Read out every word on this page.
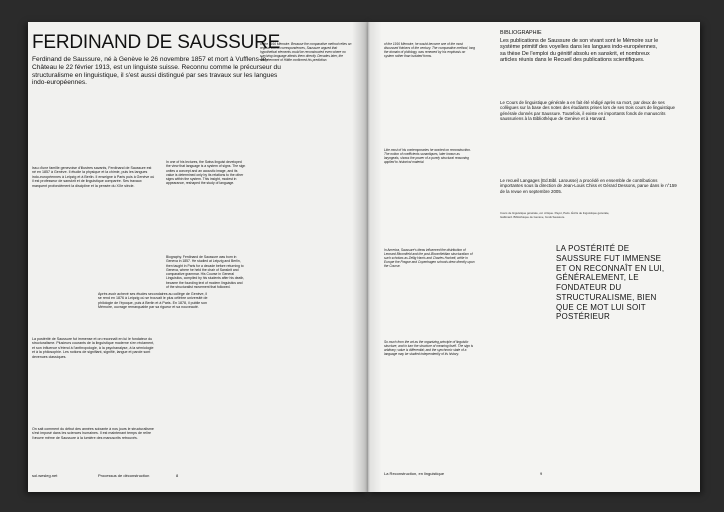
FERDINAND DE SAUSSURE

Ferdinand de Saussure, né à Genève le 26 novembre 1857 et mort à Vufflens-le-Château le 22 février 1913, est un linguiste suisse. Reconnu comme le précurseur du structuralisme en linguistique, il s'est aussi distingué par ses travaux sur les langues indo-européennes.

Issu d'une famille genevoise d'illustres savants, Ferdinand de Saussure est né en 1857 à Genève. Il étudie la physique et la chimie, puis les langues indo-européennes à Leipzig et à Berlin. Il enseigne à Paris puis à Genève où il est professeur de sanskrit et de linguistique comparée. Ses travaux marquent profondément la discipline et la pensée du XXe siècle.
Après avoir achevé ses études secondaires au collège de Genève, il se rend en 1876 à Leipzig où se trouvait le plus célèbre université de philologie de l'époque, puis à Berlin et à Paris. En 1878, il publie son Mémoire, ouvrage remarquable par sa rigueur et sa nouveauté.
La postérité de Saussure fut immense et on reconnaît en lui le fondateur du structuralisme. Plusieurs courants de la linguistique moderne s'en réclament, et son influence s'étend à l'anthropologie, à la psychanalyse, à la sémiologie et à la philosophie. Les notions de signifiant, signifié, langue et parole sont devenues classiques.
On sait comment du début des années soixante à nos jours le structuralisme s'est imposé dans les sciences humaines. Il est maintenant temps de relire l'œuvre même de Saussure à la lumière des manuscrits retrouvés.
In one of his lectures, the Swiss linguist developed the view that language is a system of signs. The sign unites a concept and an acoustic image, and its value is determined only by its relations to the other signs within the system. This insight, modest in appearance, reshaped the study of language.
Biography. Ferdinand de Saussure was born in Geneva in 1857. He studied at Leipzig and Berlin, then taught in Paris for a decade before returning to Geneva, where he held the chair of Sanskrit and comparative grammar. His Course in General Linguistics, compiled by his students after his death, became the founding text of modern linguistics and of the structuralist movement that followed.
of the 1916 Mémoire. Because the comparative method relies on regular sound correspondences, Saussure argued that hypothetical elements could be reconstructed even where no surviving language attests them directly. Decades later, the decipherment of Hittite confirmed his prediction.
sol.wesleg.net	Processus de déconstruction	8
of the 1916 Mémoire, he would become one of the most discussed thinkers of the century. The comparative method, long the domain of philology, was renewed by his emphasis on system rather than isolated forms.
Like most of his contemporaries he worked on reconstruction. The notion of coefficients sonantiques, later known as laryngeals, shows the power of a purely structural reasoning applied to historical material.
In America, Saussure's ideas influenced the distribution of Leonard Bloomfield and the post-Bloomfieldian structuralism of such scholars as Zellig Harris and Charles Hockett, while in Europe the Prague and Copenhagen schools drew directly upon the Course.
So much from the art as the organizing principle of linguistic structure, and in turn the structure of meaning itself. The sign is arbitrary; value is differential; and the synchronic state of a language may be studied independently of its history.
BIBLIOGRAPHIE

Les publications de Saussure de son vivant sont le Mémoire sur le système primitif des voyelles dans les langues indo-européennes, sa thèse De l'emploi du génitif absolu en sanskrit, et nombreux articles réunis dans le Recueil des publications scientifiques.

Le Cours de linguistique générale a en fait été rédigé après sa mort, par deux de ses collègues sur la base des notes des étudiants prises lors de ses trois cours de linguistique générale donnés par Saussure. Toutefois, il existe en importants fonds de manuscrits saussuriens à la Bibliothèque de Genève et à Harvard.

Le recueil Langages (Ed.Bibl. Larousse) a procédé en ensemble de contributions importantes sous la direction de Jean-Louis Chiss et Gérard Dessons, parue dans le n°159 de la revue en septembre 2005.

Cours de linguistique générale, éd. critique. Payot, Paris. Écrits de linguistique générale, Gallimard. Bibliothèque de Genève, fonds Saussure.

LA POSTÉRITÉ DE SAUSSURE FUT IMMENSE ET ON RECONNAÎT EN LUI, GÉNÉRALEMENT, LE FONDATEUR DU STRUCTURALISME, BIEN QUE CE MOT LUI SOIT POSTÉRIEUR

La Reconstruction, en linguistique	9
